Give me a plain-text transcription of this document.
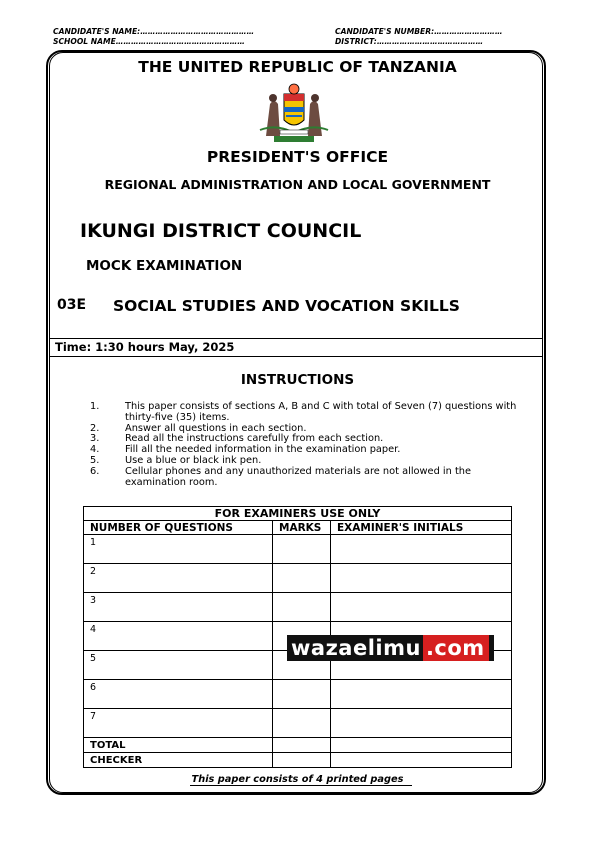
CANDIDATE'S NAME:………………………………………	CANDIDATE'S NUMBER:………………………
SCHOOL NAME……………………………………………	DISTRICT:……………………………………
THE UNITED REPUBLIC OF TANZANIA
PRESIDENT'S OFFICE
REGIONAL ADMINISTRATION AND LOCAL GOVERNMENT
IKUNGI DISTRICT COUNCIL
MOCK EXAMINATION
03E SOCIAL STUDIES AND VOCATION SKILLS
Time: 1:30 hours May, 2025
INSTRUCTIONS
1.	This paper consists of sections A, B and C with total of Seven (7) questions with thirty-five (35) items.
2.	Answer all questions in each section.
3.	Read all the instructions carefully from each section.
4.	Fill all the needed information in the examination paper.
5.	Use a blue or black ink pen.
6.	Cellular phones and any unauthorized materials are not allowed in the examination room.
FOR EXAMINERS USE ONLY		
NUMBER OF QUESTIONS	MARKS	EXAMINER'S INITIALS
1		
2		
3		
4		
5		
6		
7		
TOTAL		
CHECKER		
wazaelimu .com
This paper consists of 4 printed pages
